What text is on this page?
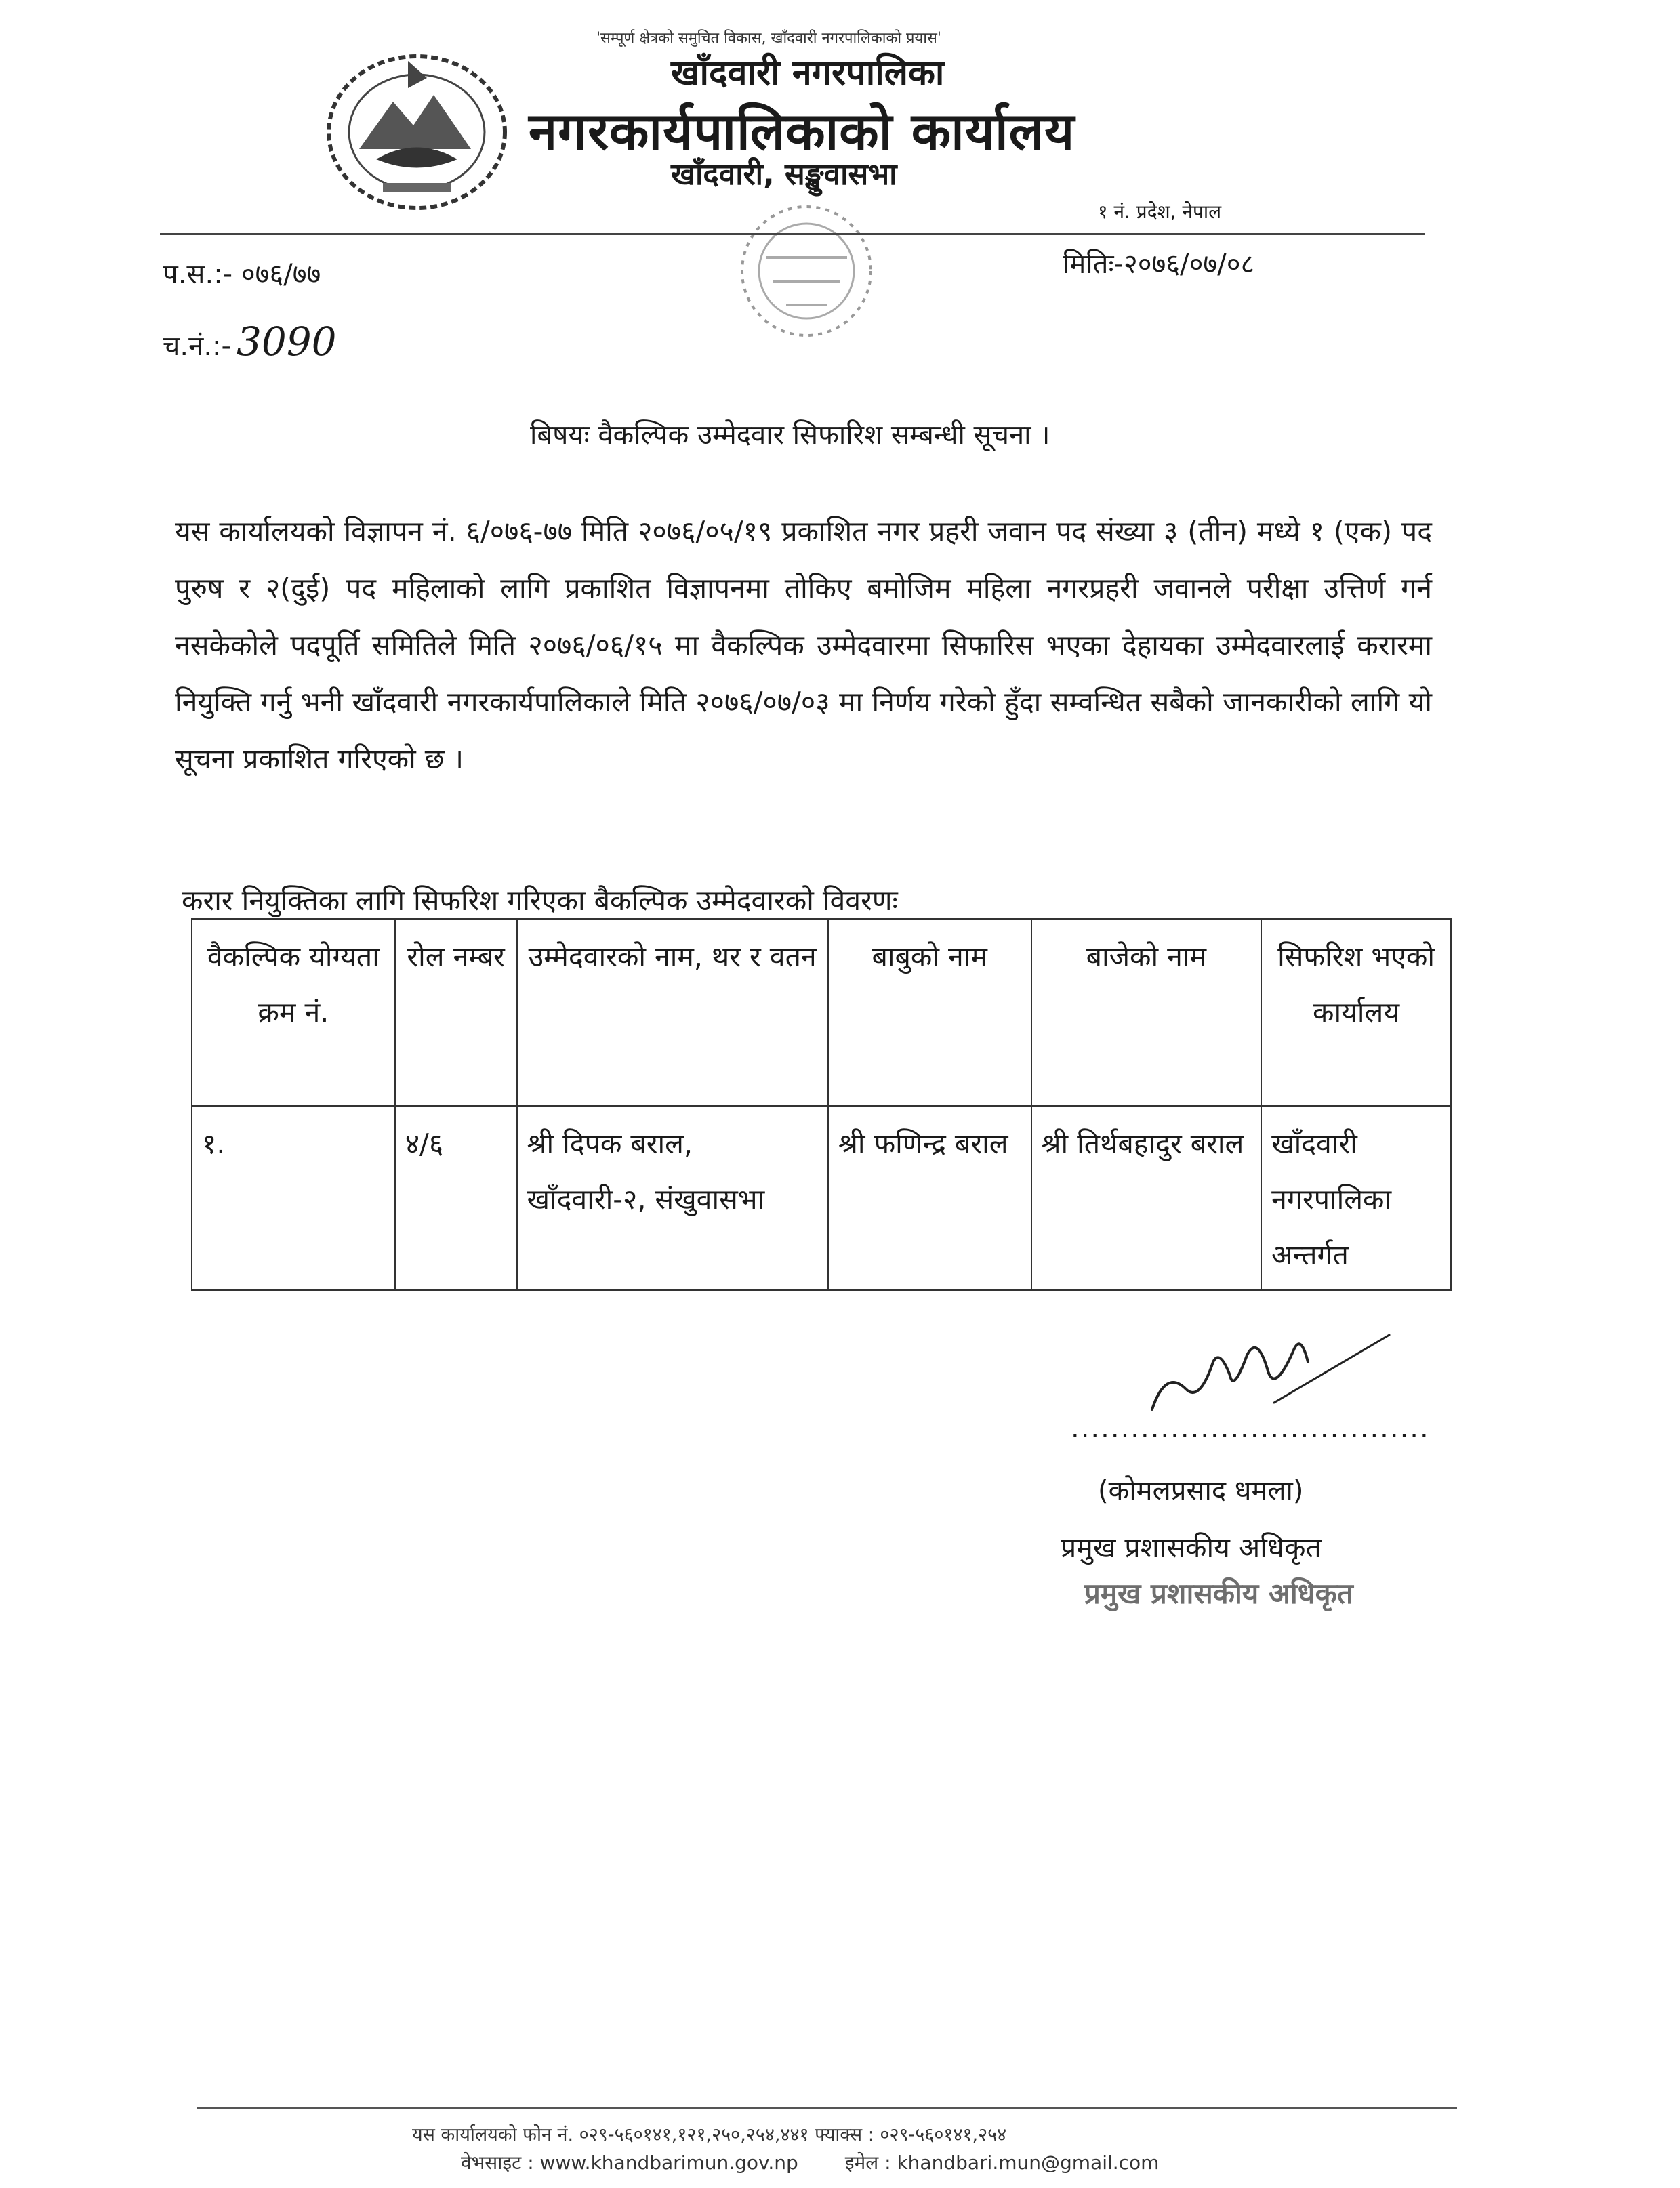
'सम्पूर्ण क्षेत्रको समुचित विकास, खाँदवारी नगरपालिकाको प्रयास'
खाँदवारी नगरपालिका
नगरकार्यपालिकाको कार्यालय
खाँदवारी, सङ्खुवासभा
१ नं. प्रदेश, नेपाल
प.स.:- ०७६/७७
च.नं.:- 3090
मितिः-२०७६/०७/०८
बिषयः वैकल्पिक उम्मेदवार सिफारिश सम्बन्धी सूचना ।
यस कार्यालयको विज्ञापन नं. ६/०७६-७७ मिति २०७६/०५/१९ प्रकाशित नगर प्रहरी जवान पद संख्या ३ (तीन) मध्ये १ (एक) पद पुरुष र २(दुई) पद महिलाको लागि प्रकाशित विज्ञापनमा तोकिए बमोजिम महिला नगरप्रहरी जवानले परीक्षा उत्तिर्ण गर्न नसकेकोले पदपूर्ति समितिले मिति २०७६/०६/१५ मा वैकल्पिक उम्मेदवारमा सिफारिस भएका देहायका उम्मेदवारलाई करारमा नियुक्ति गर्नु भनी खाँदवारी नगरकार्यपालिकाले मिति २०७६/०७/०३ मा निर्णय गरेको हुँदा सम्वन्धित सबैको जानकारीको लागि यो सूचना प्रकाशित गरिएको छ ।
करार नियुक्तिका लागि सिफरिश गरिएका बैकल्पिक उम्मेदवारको विवरणः
वैकल्पिक योग्यता क्रम नं.	रोल नम्बर	उम्मेदवारको नाम, थर र वतन	बाबुको नाम	बाजेको नाम	सिफरिश भएको कार्यालय
१.	४/६	श्री दिपक बराल, खाँदवारी-२, संखुवासभा	श्री फणिन्द्र बराल	श्री तिर्थबहादुर बराल	खाँदवारी नगरपालिका अन्तर्गत
....................................
(कोमलप्रसाद धमला)
प्रमुख प्रशासकीय अधिकृत
प्रमुख प्रशासकीय अधिकृत
यस कार्यालयको फोन नं. ०२९-५६०१४१,१२१,२५०,२५४,४४१ फ्याक्स : ०२९-५६०१४१,२५४
वेभसाइट : www.khandbarimun.gov.np इमेल : khandbari.mun@gmail.com
